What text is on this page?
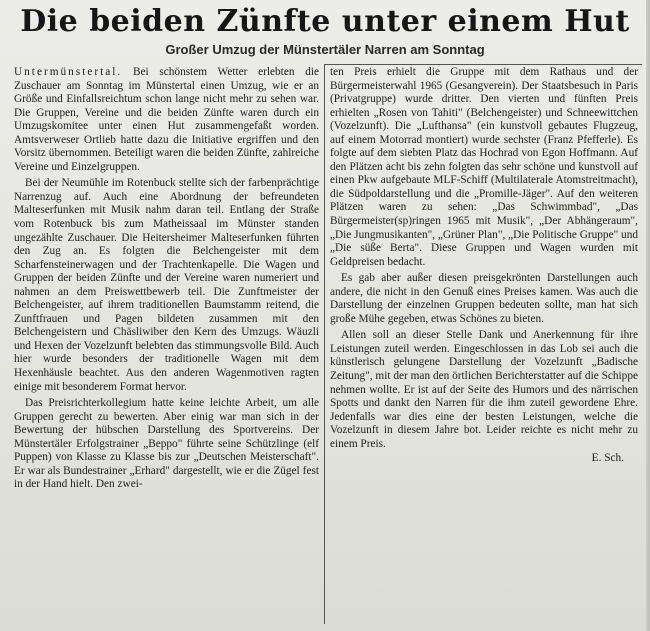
Die beiden Zünfte unter einem Hut
Großer Umzug der Münstertäler Narren am Sonntag

Untermünstertal. Bei schönstem Wetter erlebten die Zuschauer am Sonntag im Münstertal einen Umzug, wie er an Größe und Einfallsreichtum schon lange nicht mehr zu sehen war. Die Gruppen, Vereine und die beiden Zünfte waren durch ein Umzugskomitee unter einen Hut zusammengefaßt worden. Amtsverweser Ortlieb hatte dazu die Initiative ergriffen und den Vorsitz übernommen. Beteiligt waren die beiden Zünfte, zahlreiche Vereine und Einzelgruppen.

Bei der Neumühle im Rotenbuck stellte sich der farbenprächtige Narrenzug auf. Auch eine Abordnung der befreundeten Malteserfunken mit Musik nahm daran teil. Entlang der Straße vom Rotenbuck bis zum Matheissaal im Münster standen ungezählte Zuschauer. Die Heitersheimer Malteserfunken führten den Zug an. Es folgten die Belchengeister mit dem Scharfensteinerwagen und der Trachtenkapelle. Die Wagen und Gruppen der beiden Zünfte und der Vereine waren numeriert und nahmen an dem Preiswettbewerb teil. Die Zunftmeister der Belchengeister, auf ihrem traditionellen Baumstamm reitend, die Zunftfrauen und Pagen bildeten zusammen mit den Belchengeistern und Chäsliwiber den Kern des Umzugs. Wäuzli und Hexen der Vozelzunft belebten das stimmungsvolle Bild. Auch hier wurde besonders der traditionelle Wagen mit dem Hexenhäusle beachtet. Aus den anderen Wagenmotiven ragten einige mit besonderem Format hervor.

Das Preisrichterkollegium hatte keine leichte Arbeit, um alle Gruppen gerecht zu bewerten. Aber einig war man sich in der Bewertung der hübschen Darstellung des Sportvereins. Der Münstertäler Erfolgstrainer „Beppo" führte seine Schützlinge (elf Puppen) von Klasse zu Klasse bis zur „Deutschen Meisterschaft". Er war als Bundestrainer „Erhard" dargestellt, wie er die Zügel fest in der Hand hielt. Den zwei-

ten Preis erhielt die Gruppe mit dem Rathaus und der Bürgermeisterwahl 1965 (Gesangverein). Der Staatsbesuch in Paris (Privatgruppe) wurde dritter. Den vierten und fünften Preis erhielten „Rosen von Tahiti" (Belchengeister) und Schneewittchen (Vozelzunft). Die „Lufthansa" (ein kunstvoll gebautes Flugzeug, auf einem Motorrad montiert) wurde sechster (Franz Pfefferle). Es folgte auf dem siebten Platz das Hochrad von Egon Hoffmann. Auf den Plätzen acht bis zehn folgten das sehr schöne und kunstvoll auf einen Pkw aufgebaute MLF-Schiff (Multilaterale Atomstreitmacht), die Südpoldarstellung und die „Promille-Jäger". Auf den weiteren Plätzen waren zu sehen: „Das Schwimmbad", „Das Bürgermeister(sp)ringen 1965 mit Musik", „Der Abhängeraum", „Die Jungmusikanten", „Grüner Plan", „Die Politische Gruppe" und „Die süße Berta". Diese Gruppen und Wagen wurden mit Geldpreisen bedacht.

Es gab aber außer diesen preisgekrönten Darstellungen auch andere, die nicht in den Genuß eines Preises kamen. Was auch die Darstellung der einzelnen Gruppen bedeuten sollte, man hat sich große Mühe gegeben, etwas Schönes zu bieten.

Allen soll an dieser Stelle Dank und Anerkennung für ihre Leistungen zuteil werden. Eingeschlossen in das Lob sei auch die künstlerisch gelungene Darstellung der Vozelzunft „Badische Zeitung", mit der man den örtlichen Berichterstatter auf die Schippe nehmen wollte. Er ist auf der Seite des Humors und des närrischen Spotts und dankt den Narren für die ihm zuteil gewordene Ehre. Jedenfalls war dies eine der besten Leistungen, welche die Vozelzunft in diesem Jahre bot. Leider reichte es nicht mehr zu einem Preis.

E. Sch.
